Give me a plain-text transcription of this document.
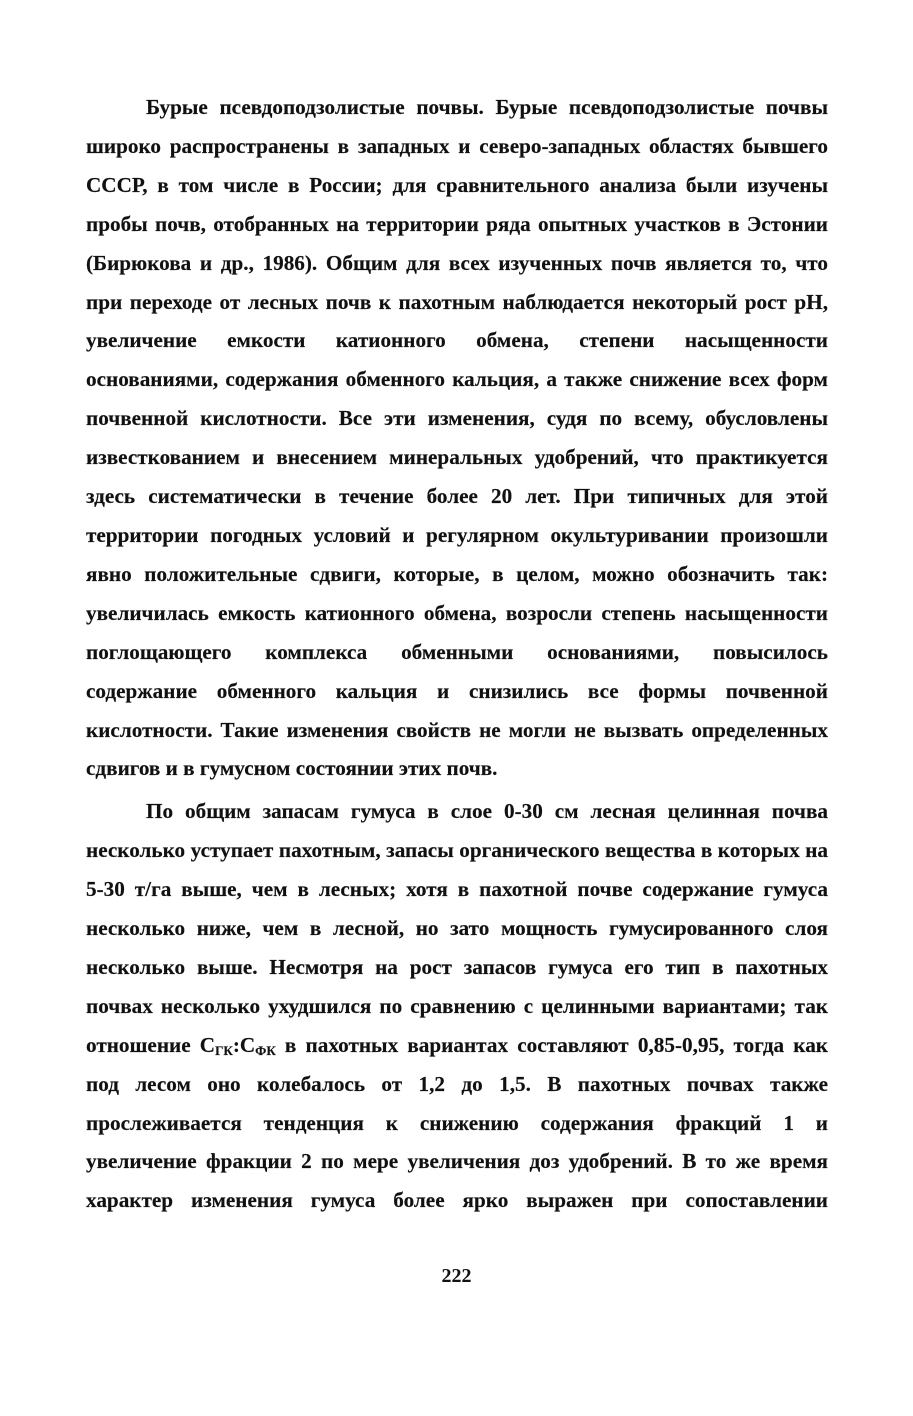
Бурые псевдоподзолистые почвы. Бурые псевдоподзолистые почвы широко распространены в западных и северо-западных областях бывшего СССР, в том числе в России; для сравнительного анализа были изучены пробы почв, отобранных на территории ряда опытных участков в Эстонии (Бирюкова и др., 1986). Общим для всех изученных почв является то, что при переходе от лесных почв к пахотным наблюдается некоторый рост pH, увеличение емкости катионного обмена, степени насыщенности основаниями, содержания обменного кальция, а также снижение всех форм почвенной кислотности. Все эти изменения, судя по всему, обусловлены известкованием и внесением минеральных удобрений, что практикуется здесь систематически в течение более 20 лет. При типичных для этой территории погодных условий и регулярном окультуривании произошли явно положительные сдвиги, которые, в целом, можно обозначить так: увеличилась емкость катионного обмена, возросли степень насыщенности поглощающего комплекса обменными основаниями, повысилось содержание обменного кальция и снизились все формы почвенной кислотности. Такие изменения свойств не могли не вызвать определенных сдвигов и в гумусном состоянии этих почв.

По общим запасам гумуса в слое 0-30 см лесная целинная почва несколько уступает пахотным, запасы органического вещества в которых на 5-30 т/га выше, чем в лесных; хотя в пахотной почве содержание гумуса несколько ниже, чем в лесной, но зато мощность гумусированного слоя несколько выше. Несмотря на рост запасов гумуса его тип в пахотных почвах несколько ухудшился по сравнению с целинными вариантами; так отношение $C_{ГК}:C_{ФК}$ в пахотных вариантах составляют 0,85-0,95, тогда как под лесом оно колебалось от 1,2 до 1,5. В пахотных почвах также прослеживается тенденция к снижению содержания фракций 1 и увеличение фракции 2 по мере увеличения доз удобрений. В то же время характер изменения гумуса более ярко выражен при сопоставлении

222
